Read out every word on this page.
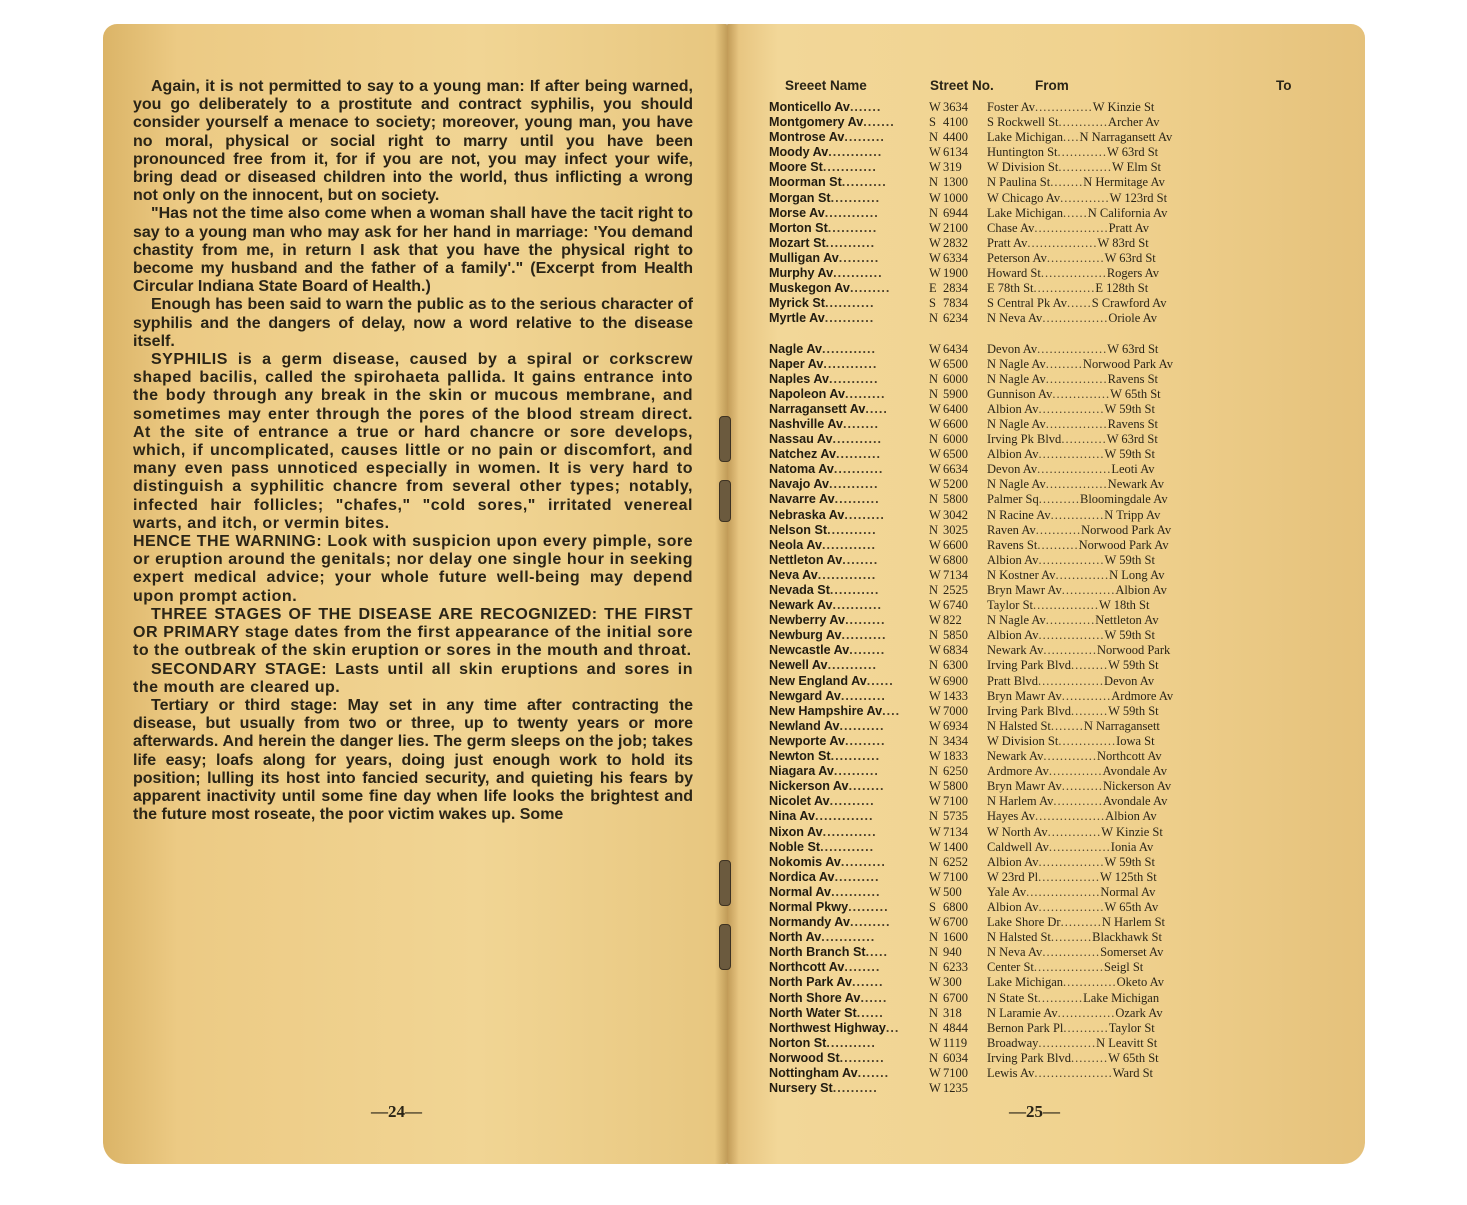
Again, it is not permitted to say to a young man: If after being warned, you go deliberately to a prostitute and contract syphilis, you should consider yourself a menace to society; moreover, young man, you have no moral, physical or social right to marry until you have been pronounced free from it, for if you are not, you may infect your wife, bring dead or diseased children into the world, thus inflicting a wrong not only on the innocent, but on society.

"Has not the time also come when a woman shall have the tacit right to say to a young man who may ask for her hand in marriage: 'You demand chastity from me, in return I ask that you have the physical right to become my husband and the father of a family'." (Excerpt from Health Circular Indiana State Board of Health.)

Enough has been said to warn the public as to the serious character of syphilis and the dangers of delay, now a word relative to the disease itself.

SYPHILIS is a germ disease, caused by a spiral or corkscrew shaped bacilis, called the spirohaeta pallida. It gains entrance into the body through any break in the skin or mucous membrane, and sometimes may enter through the pores of the blood stream direct. At the site of entrance a true or hard chancre or sore develops, which, if uncomplicated, causes little or no pain or discomfort, and many even pass unnoticed especially in women. It is very hard to distinguish a syphilitic chancre from several other types; notably, infected hair follicles; "chafes," "cold sores," irritated venereal warts, and itch, or vermin bites.

HENCE THE WARNING: Look with suspicion upon every pimple, sore or eruption around the genitals; nor delay one single hour in seeking expert medical advice; your whole future well-being may depend upon prompt action.

THREE STAGES OF THE DISEASE ARE RECOGNIZED: THE FIRST OR PRIMARY stage dates from the first appearance of the initial sore to the outbreak of the skin eruption or sores in the mouth and throat.

SECONDARY STAGE: Lasts until all skin eruptions and sores in the mouth are cleared up.

Tertiary or third stage: May set in any time after contracting the disease, but usually from two or three, up to twenty years or more afterwards. And herein the danger lies. The germ sleeps on the job; takes life easy; loafs along for years, doing just enough work to hold its position; lulling its host into fancied security, and quieting his fears by apparent inactivity until some fine day when life looks the brightest and the future most roseate, the poor victim wakes up. Some

—24—
Sreeet Name	Street No.	From	To
Monticello Av.......	W 3634	Foster Av..............W Kinzie St
Montgomery Av.......	S 4100	S Rockwell St............Archer Av
Montrose Av.........	N 4400	Lake Michigan....N Narragansett Av
Moody Av............	W 6134	Huntington St............W 63rd St
Moore St............	W 319	W Division St.............W Elm St
Moorman St..........	N 1300	N Paulina St........N Hermitage Av
Morgan St...........	W 1000	W Chicago Av............W 123rd St
Morse Av............	N 6944	Lake Michigan......N California Av
Morton St...........	W 2100	Chase Av..................Pratt Av
Mozart St...........	W 2832	Pratt Av.................W 83rd St
Mulligan Av.........	W 6334	Peterson Av..............W 63rd St
Murphy Av...........	W 1900	Howard St................Rogers Av
Muskegon Av.........	E 2834	E 78th St...............E 128th St
Myrick St...........	S 7834	S Central Pk Av......S Crawford Av
Myrtle Av...........	N 6234	N Neva Av................Oriole Av
Nagle Av............	W 6434	Devon Av.................W 63rd St
Naper Av............	W 6500	N Nagle Av.........Norwood Park Av
Naples Av...........	N 6000	N Nagle Av...............Ravens St
Napoleon Av.........	N 5900	Gunnison Av..............W 65th St
Narragansett Av.....	W 6400	Albion Av................W 59th St
Nashville Av........	W 6600	N Nagle Av...............Ravens St
Nassau Av...........	N 6000	Irving Pk Blvd...........W 63rd St
Natchez Av..........	W 6500	Albion Av................W 59th St
Natoma Av...........	W 6634	Devon Av..................Leoti Av
Navajo Av...........	W 5200	N Nagle Av...............Newark Av
Navarre Av..........	N 5800	Palmer Sq..........Bloomingdale Av
Nebraska Av.........	W 3042	N Racine Av.............N Tripp Av
Nelson St...........	N 3025	Raven Av...........Norwood Park Av
Neola Av............	W 6600	Ravens St..........Norwood Park Av
Nettleton Av........	W 6800	Albion Av................W 59th St
Neva Av.............	W 7134	N Kostner Av.............N Long Av
Nevada St...........	N 2525	Bryn Mawr Av.............Albion Av
Newark Av...........	W 6740	Taylor St................W 18th St
Newberry Av.........	W 822	N Nagle Av............Nettleton Av
Newburg Av..........	N 5850	Albion Av................W 59th St
Newcastle Av........	W 6834	Newark Av.............Norwood Park
Newell Av...........	N 6300	Irving Park Blvd.........W 59th St
New England Av......	W 6900	Pratt Blvd................Devon Av
Newgard Av..........	W 1433	Bryn Mawr Av............Ardmore Av
New Hampshire Av....	W 7000	Irving Park Blvd.........W 59th St
Newland Av..........	W 6934	N Halsted St........N Narragansett
Newporte Av.........	N 3434	W Division St..............Iowa St
Newton St...........	W 1833	Newark Av.............Northcott Av
Niagara Av..........	N 6250	Ardmore Av.............Avondale Av
Nickerson Av........	W 5800	Bryn Mawr Av..........Nickerson Av
Nicolet Av..........	W 7100	N Harlem Av............Avondale Av
Nina Av.............	N 5735	Hayes Av.................Albion Av
Nixon Av............	W 7134	W North Av.............W Kinzie St
Noble St............	W 1400	Caldwell Av...............Ionia Av
Nokomis Av..........	N 6252	Albion Av................W 59th St
Nordica Av..........	W 7100	W 23rd Pl...............W 125th St
Normal Av...........	W 500	Yale Av..................Normal Av
Normal Pkwy.........	S 6800	Albion Av................W 65th Av
Normandy Av.........	W 6700	Lake Shore Dr..........N Harlem St
North Av............	N 1600	N Halsted St..........Blackhawk St
North Branch St.....	N 940	N Neva Av..............Somerset Av
Northcott Av........	N 6233	Center St.................Seigl St
North Park Av.......	W 300	Lake Michigan.............Oketo Av
North Shore Av......	N 6700	N State St...........Lake Michigan
North Water St......	N 318	N Laramie Av..............Ozark Av
Northwest Highway...	N 4844	Bernon Park Pl...........Taylor St
Norton St...........	W 1119	Broadway..............N Leavitt St
Norwood St..........	N 6034	Irving Park Blvd.........W 65th St
Nottingham Av.......	W 7100	Lewis Av...................Ward St
Nursery St..........	W 1235
—25—
